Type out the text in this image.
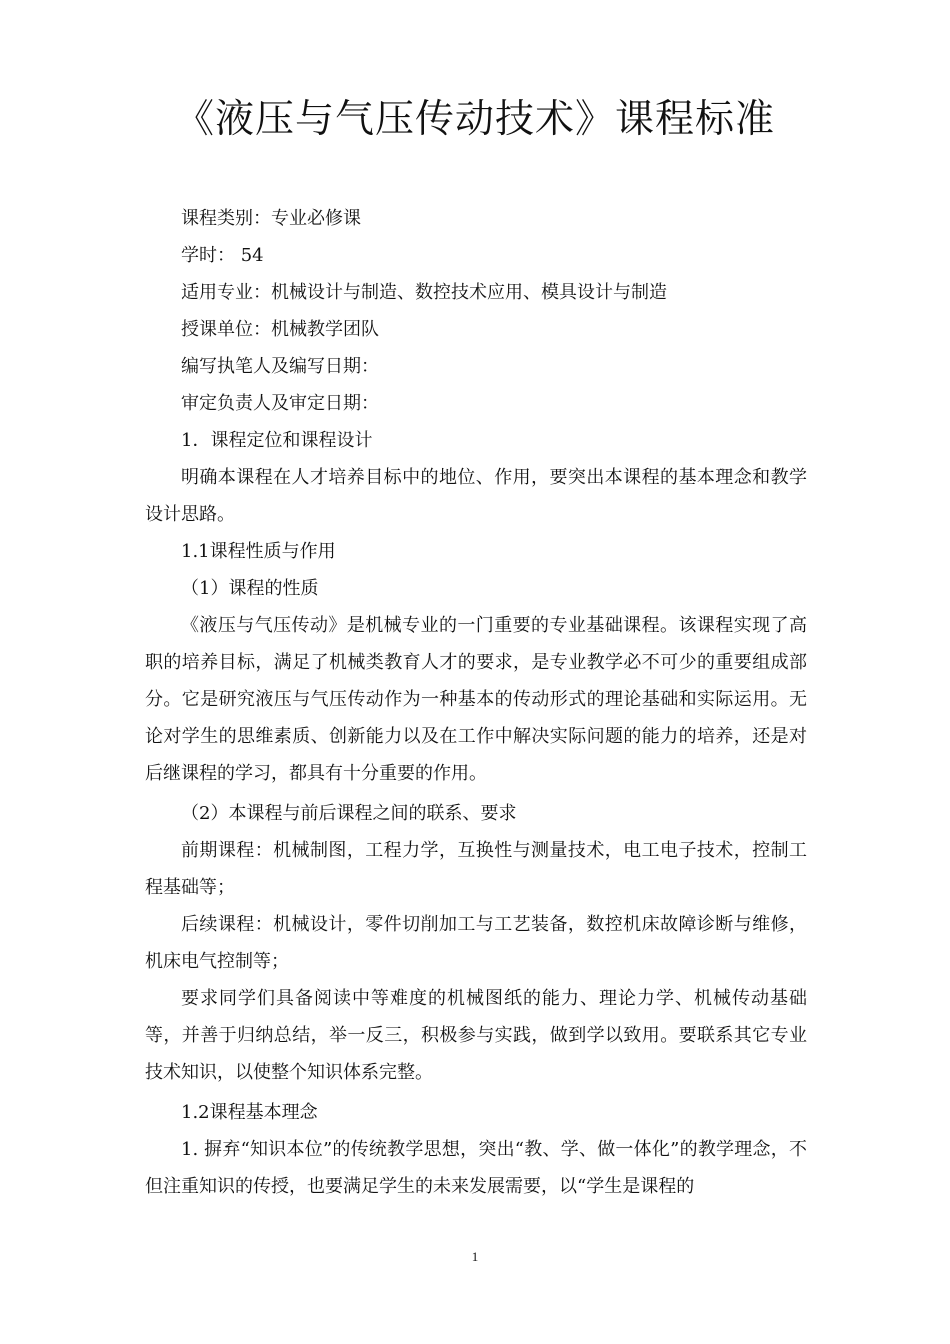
《液压与气压传动技术》课程标准

课程类别：专业必修课

学时： 54

适用专业：机械设计与制造、数控技术应用、模具设计与制造

授课单位：机械教学团队

编写执笔人及编写日期：

审定负责人及审定日期：

1．课程定位和课程设计

明确本课程在人才培养目标中的地位、作用，要突出本课程的基本理念和教学设计思路。

1.1课程性质与作用

（1）课程的性质

《液压与气压传动》是机械专业的一门重要的专业基础课程。该课程实现了高职的培养目标，满足了机械类教育人才的要求，是专业教学必不可少的重要组成部分。它是研究液压与气压传动作为一种基本的传动形式的理论基础和实际运用。无论对学生的思维素质、创新能力以及在工作中解决实际问题的能力的培养，还是对后继课程的学习，都具有十分重要的作用。

（2）本课程与前后课程之间的联系、要求

前期课程：机械制图，工程力学，互换性与测量技术，电工电子技术，控制工程基础等；

后续课程：机械设计，零件切削加工与工艺装备，数控机床故障诊断与维修，机床电气控制等；

要求同学们具备阅读中等难度的机械图纸的能力、理论力学、机械传动基础等，并善于归纳总结，举一反三，积极参与实践，做到学以致用。要联系其它专业技术知识，以使整个知识体系完整。

1.2课程基本理念

1. 摒弃“知识本位”的传统教学思想，突出“教、学、做一体化”的教学理念，不但注重知识的传授，也要满足学生的未来发展需要，以“学生是课程的

1
